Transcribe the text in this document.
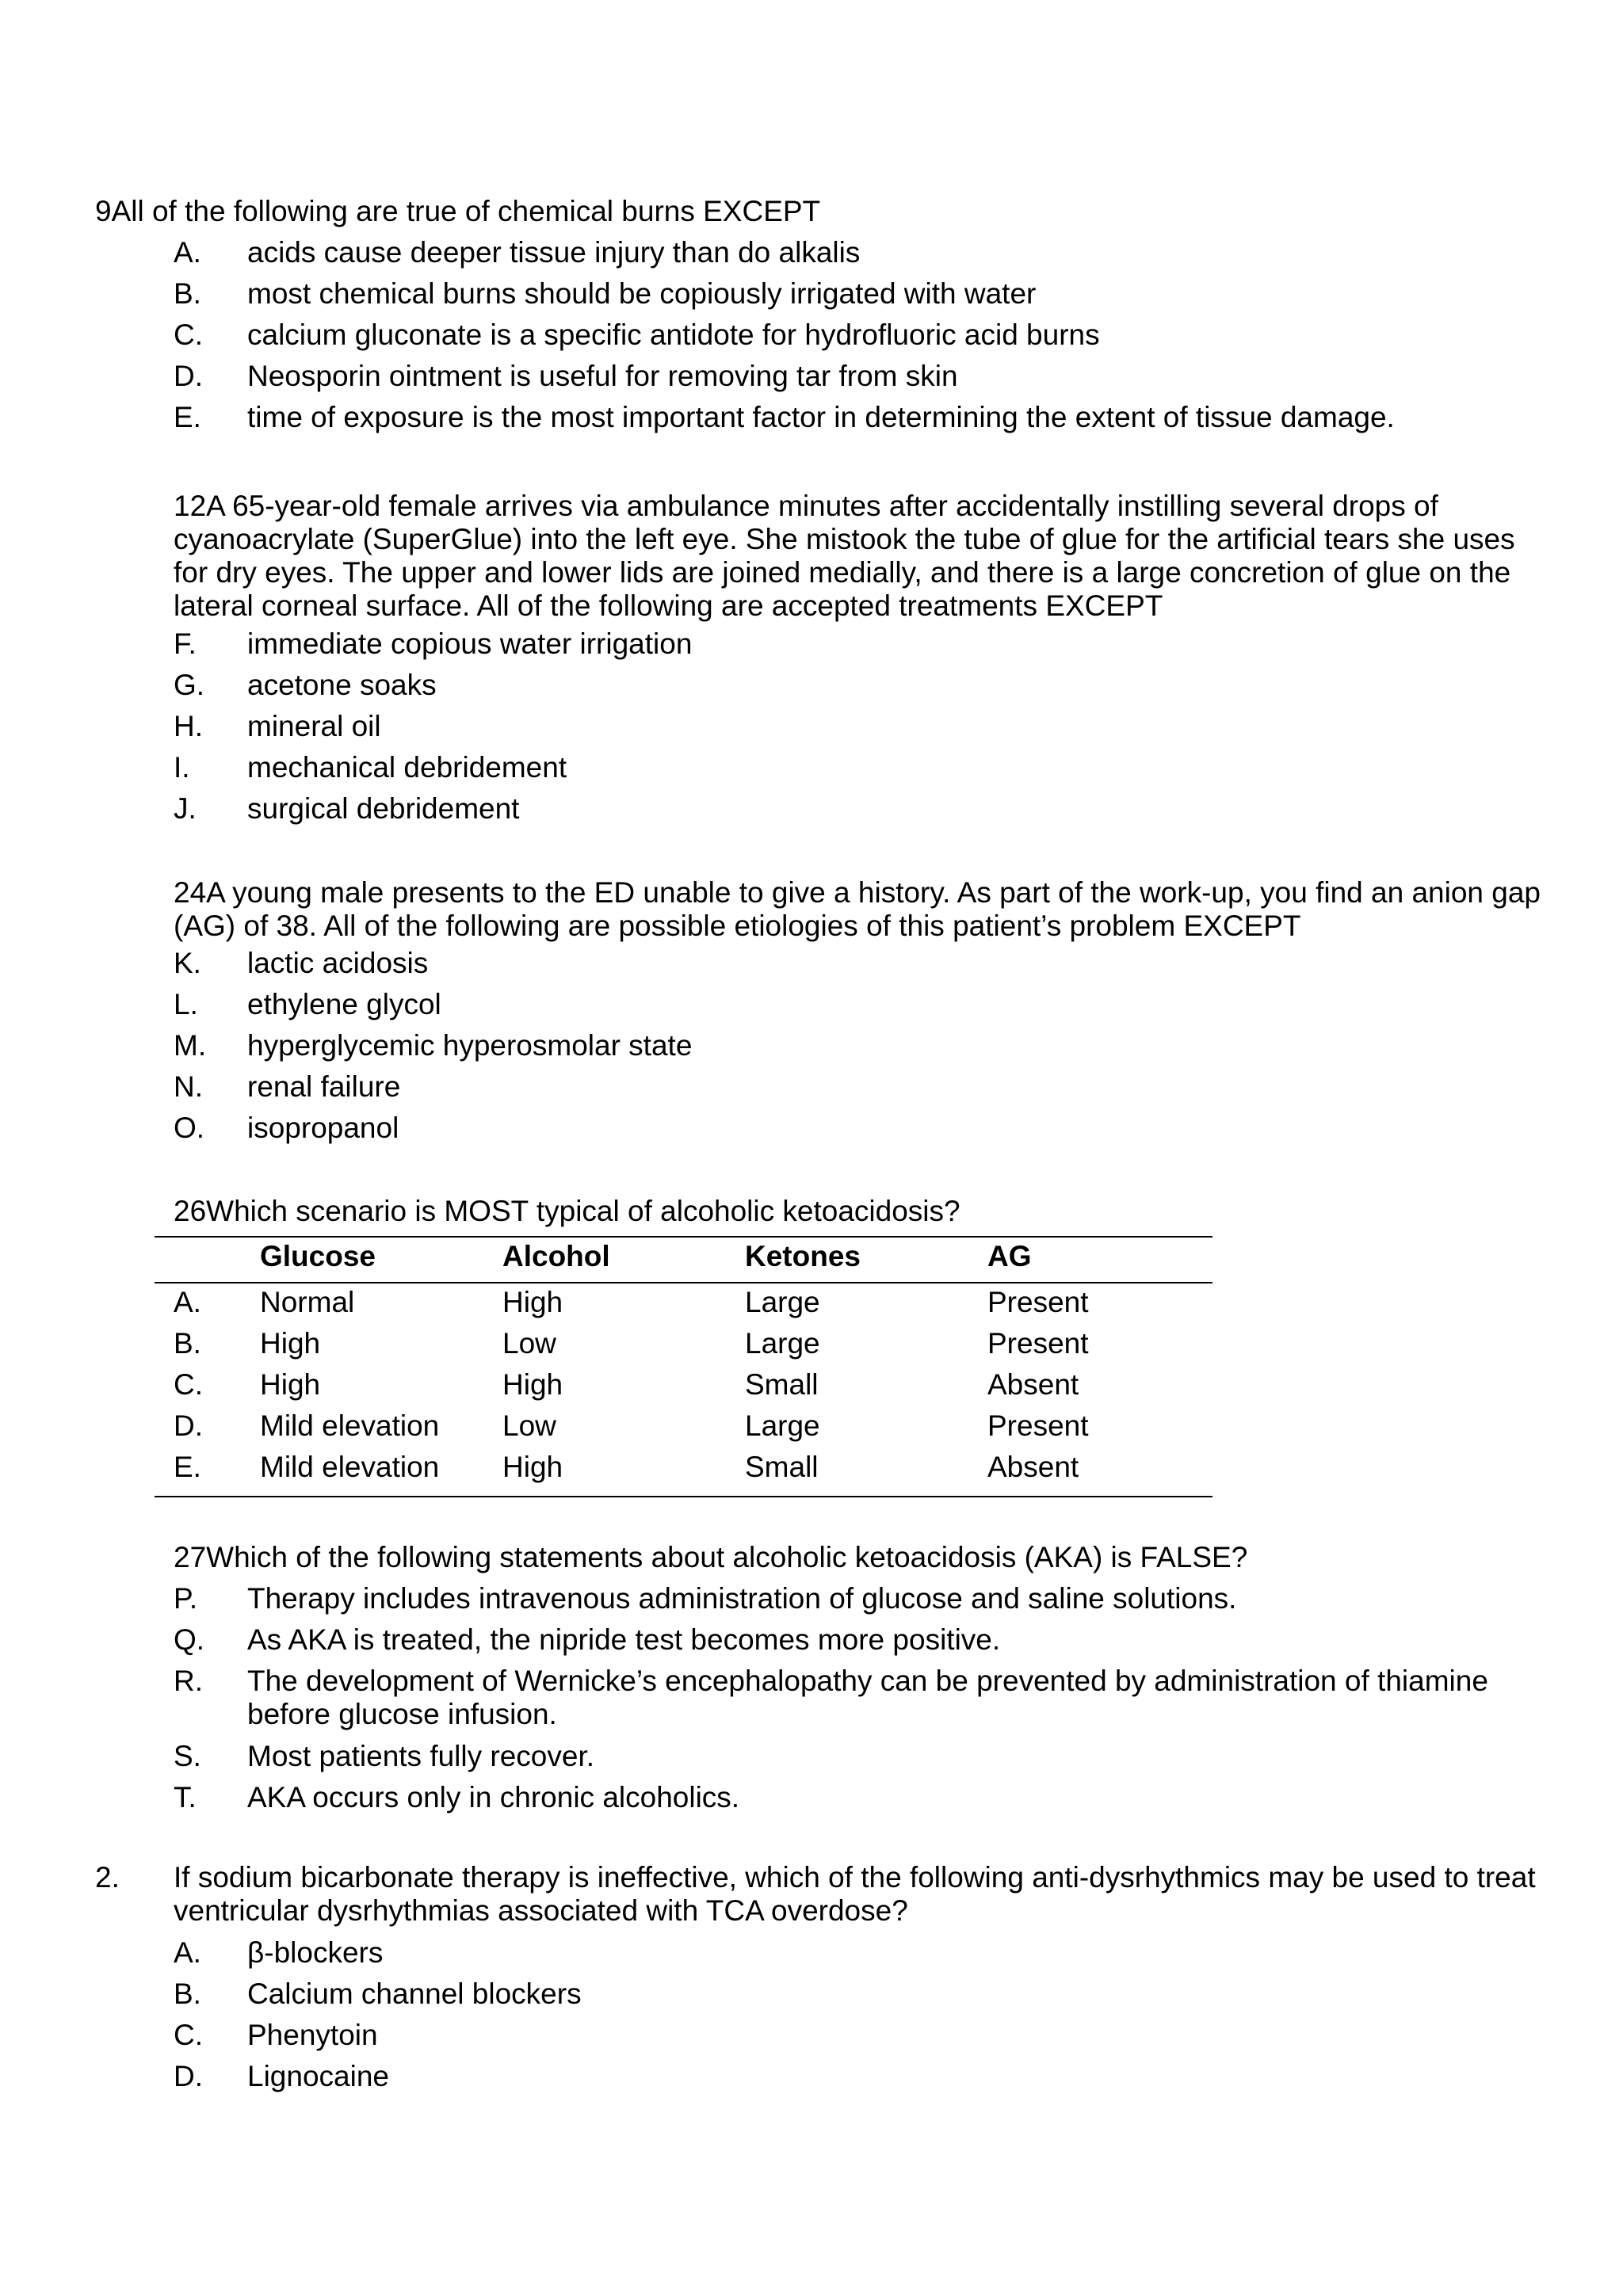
9All of the following are true of chemical burns EXCEPT
A. acids cause deeper tissue injury than do alkalis
B. most chemical burns should be copiously irrigated with water
C. calcium gluconate is a specific antidote for hydrofluoric acid burns
D. Neosporin ointment is useful for removing tar from skin
E. time of exposure is the most important factor in determining the extent of tissue damage.
12A 65-year-old female arrives via ambulance minutes after accidentally instilling several drops of cyanoacrylate (SuperGlue) into the left eye. She mistook the tube of glue for the artificial tears she uses for dry eyes. The upper and lower lids are joined medially, and there is a large concretion of glue on the lateral corneal surface. All of the following are accepted treatments EXCEPT
F. immediate copious water irrigation
G. acetone soaks
H. mineral oil
I. mechanical debridement
J. surgical debridement
24A young male presents to the ED unable to give a history. As part of the work-up, you find an anion gap (AG) of 38. All of the following are possible etiologies of this patient’s problem EXCEPT
K. lactic acidosis
L. ethylene glycol
M. hyperglycemic hyperosmolar state
N. renal failure
O. isopropanol
26Which scenario is MOST typical of alcoholic ketoacidosis?
Glucose	Alcohol	Ketones	AG
A. Normal	High	Large	Present
B. High	Low	Large	Present
C. High	High	Small	Absent
D. Mild elevation Low	Large	Present
E. Mild elevation High	Small	Absent
27Which of the following statements about alcoholic ketoacidosis (AKA) is FALSE?
P. Therapy includes intravenous administration of glucose and saline solutions.
Q. As AKA is treated, the nipride test becomes more positive.
R. The development of Wernicke’s encephalopathy can be prevented by administration of thiamine before glucose infusion.
S. Most patients fully recover.
T. AKA occurs only in chronic alcoholics.
2. If sodium bicarbonate therapy is ineffective, which of the following anti-dysrhythmics may be used to treat ventricular dysrhythmias associated with TCA overdose?
A. β-blockers
B. Calcium channel blockers
C. Phenytoin
D. Lignocaine
